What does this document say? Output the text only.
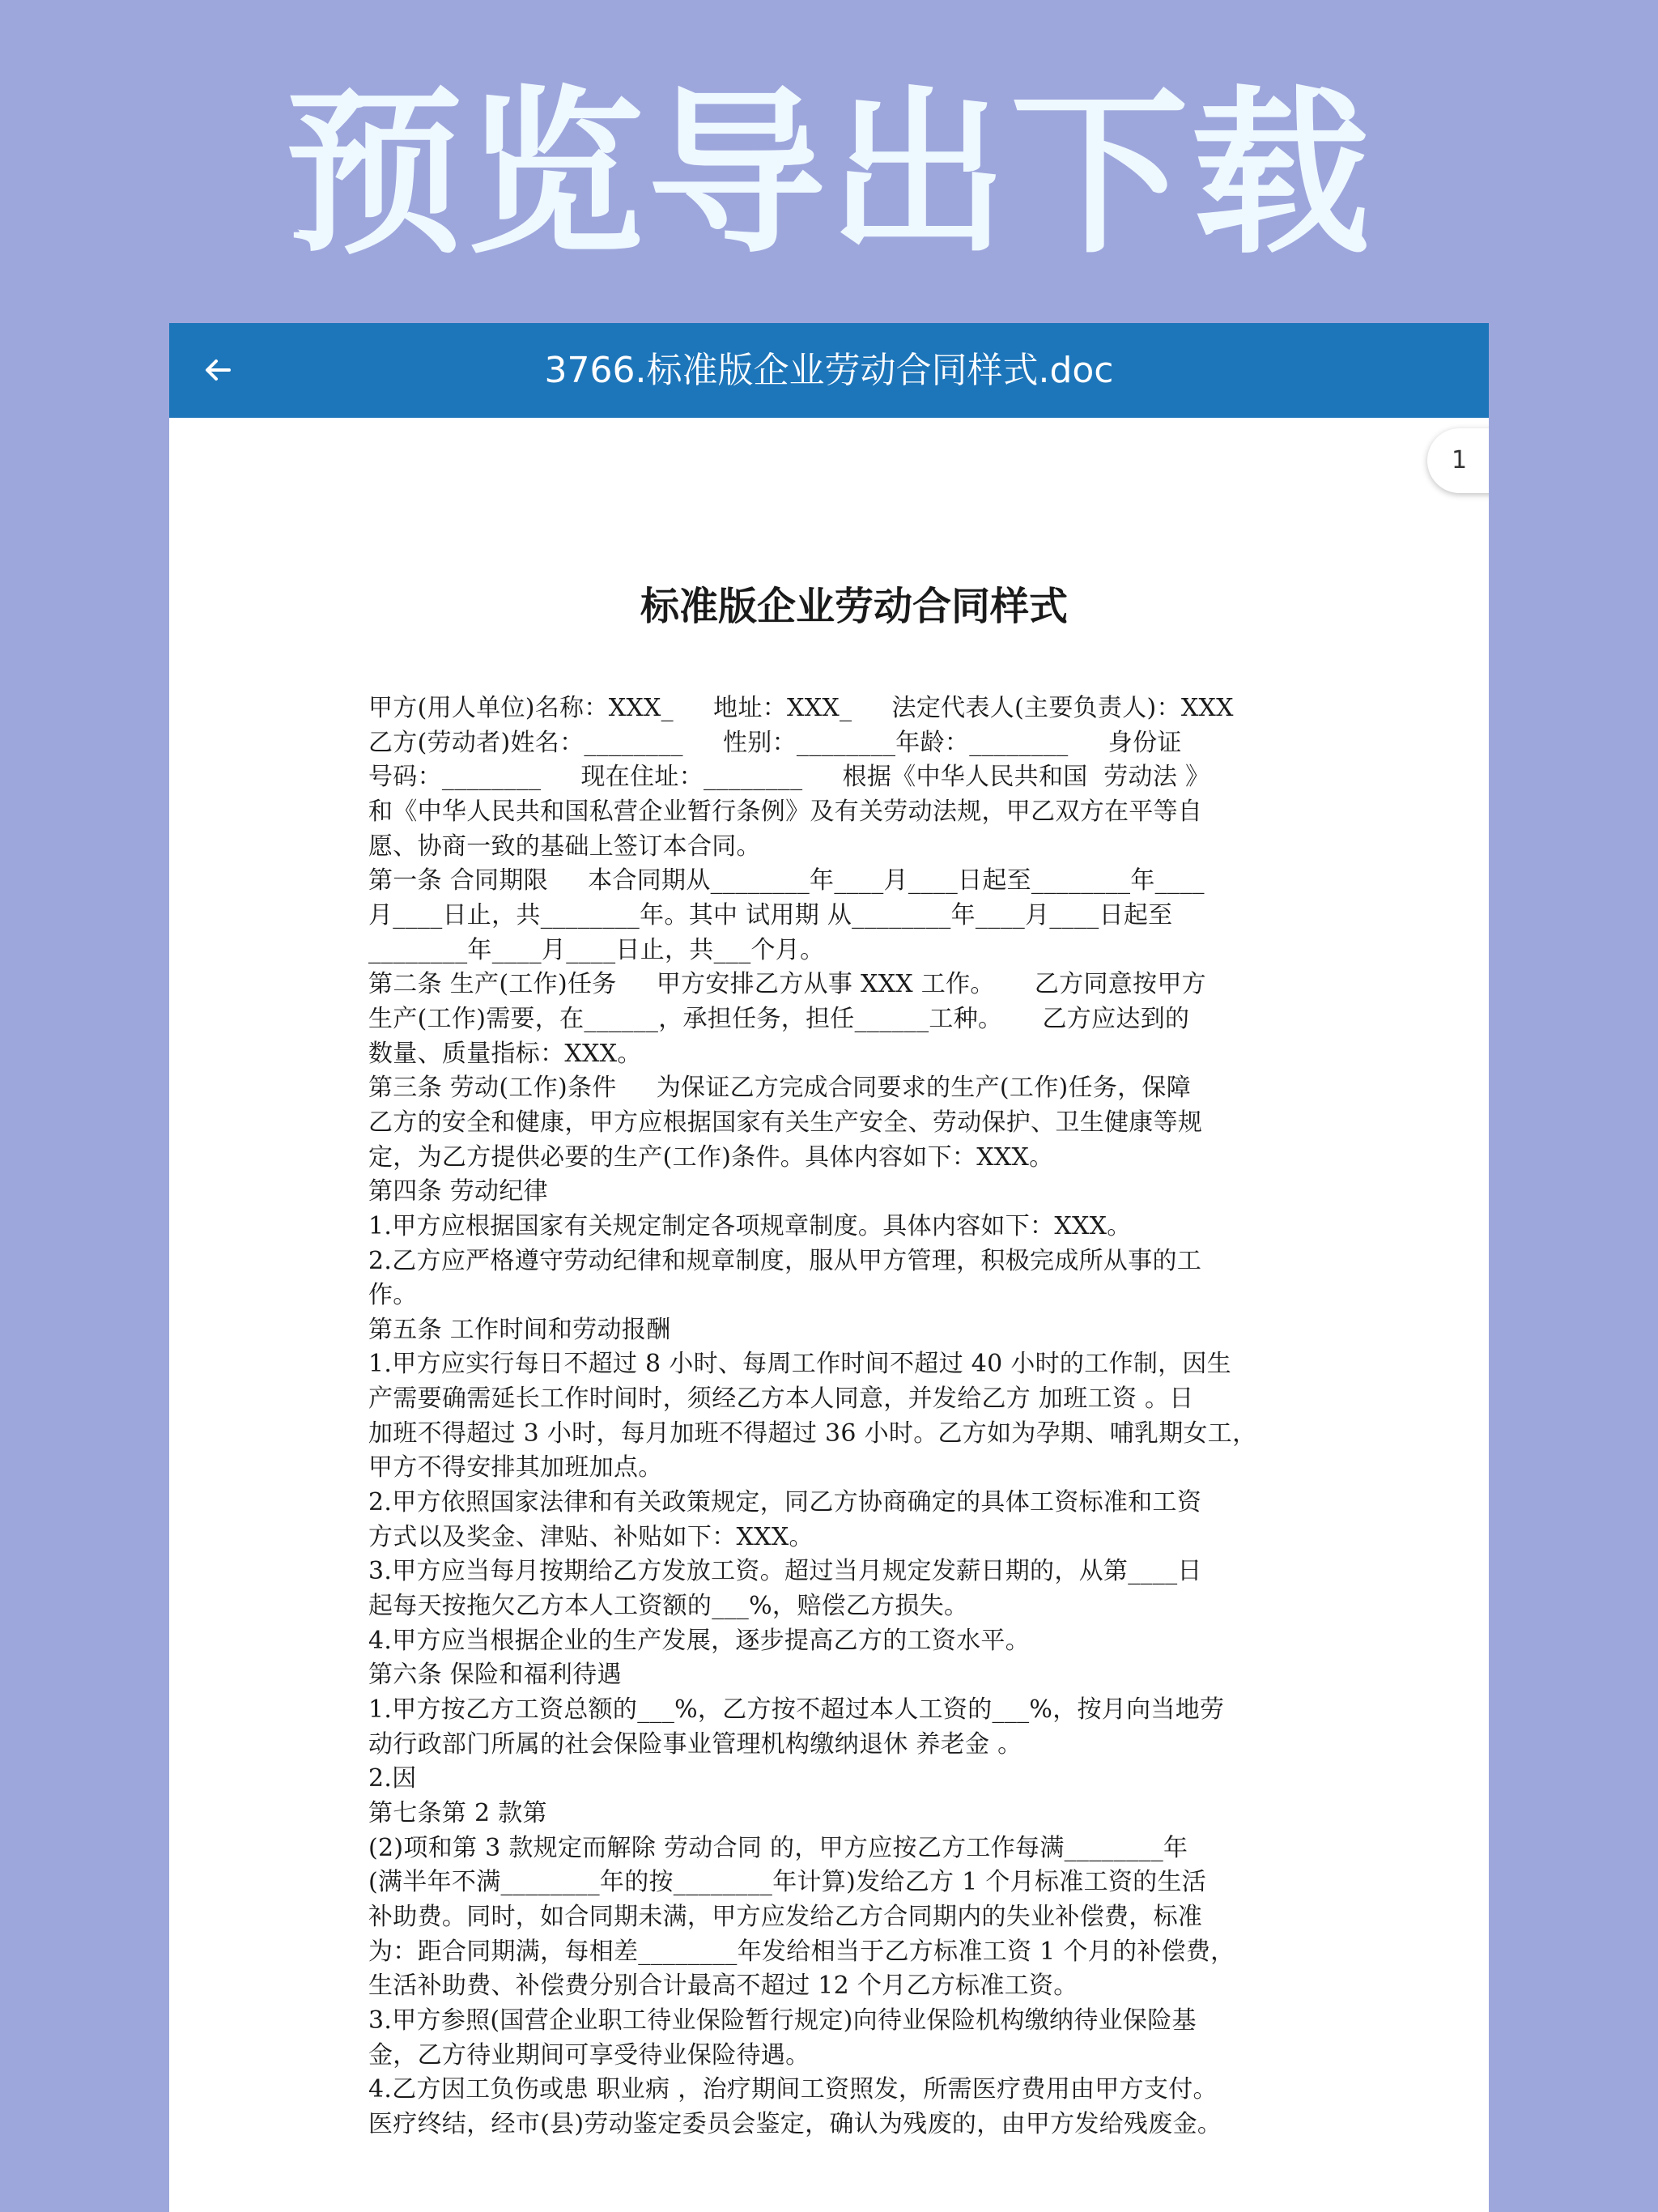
预览导出下载
3766.标准版企业劳动合同样式.doc
1
标准版企业劳动合同样式
甲方(用人单位)名称：XXX_     地址：XXX_     法定代表人(主要负责人)：XXX
乙方(劳动者)姓名：________     性别：________年龄：________     身份证
号码：________     现在住址：________     根据《中华人民共和国  劳动法 》
和《中华人民共和国私营企业暂行条例》及有关劳动法规，甲乙双方在平等自
愿、协商一致的基础上签订本合同。
第一条 合同期限     本合同期从________年____月____日起至________年____
月____日止，共________年。其中 试用期 从________年____月____日起至
________年____月____日止，共___个月。
第二条 生产(工作)任务     甲方安排乙方从事 XXX 工作。     乙方同意按甲方
生产(工作)需要，在______，承担任务，担任______工种。     乙方应达到的
数量、质量指标：XXX。
第三条 劳动(工作)条件     为保证乙方完成合同要求的生产(工作)任务，保障
乙方的安全和健康，甲方应根据国家有关生产安全、劳动保护、卫生健康等规
定，为乙方提供必要的生产(工作)条件。具体内容如下：XXX。
第四条 劳动纪律
1.甲方应根据国家有关规定制定各项规章制度。具体内容如下：XXX。
2.乙方应严格遵守劳动纪律和规章制度，服从甲方管理，积极完成所从事的工
作。
第五条 工作时间和劳动报酬
1.甲方应实行每日不超过 8 小时、每周工作时间不超过 40 小时的工作制，因生
产需要确需延长工作时间时，须经乙方本人同意，并发给乙方 加班工资 。日
加班不得超过 3 小时，每月加班不得超过 36 小时。乙方如为孕期、哺乳期女工，
甲方不得安排其加班加点。
2.甲方依照国家法律和有关政策规定，同乙方协商确定的具体工资标准和工资
方式以及奖金、津贴、补贴如下：XXX。
3.甲方应当每月按期给乙方发放工资。超过当月规定发薪日期的，从第____日
起每天按拖欠乙方本人工资额的___%，赔偿乙方损失。
4.甲方应当根据企业的生产发展，逐步提高乙方的工资水平。
第六条 保险和福利待遇
1.甲方按乙方工资总额的___%，乙方按不超过本人工资的___%，按月向当地劳
动行政部门所属的社会保险事业管理机构缴纳退休 养老金 。
2.因
第七条第 2 款第
(2)项和第 3 款规定而解除 劳动合同 的，甲方应按乙方工作每满________年
(满半年不满________年的按________年计算)发给乙方 1 个月标准工资的生活
补助费。同时，如合同期未满，甲方应发给乙方合同期内的失业补偿费，标准
为：距合同期满，每相差________年发给相当于乙方标准工资 1 个月的补偿费，
生活补助费、补偿费分别合计最高不超过 12 个月乙方标准工资。
3.甲方参照(国营企业职工待业保险暂行规定)向待业保险机构缴纳待业保险基
金，乙方待业期间可享受待业保险待遇。
4.乙方因工负伤或患 职业病 ，治疗期间工资照发，所需医疗费用由甲方支付。
医疗终结，经市(县)劳动鉴定委员会鉴定，确认为残废的，由甲方发给残废金。
